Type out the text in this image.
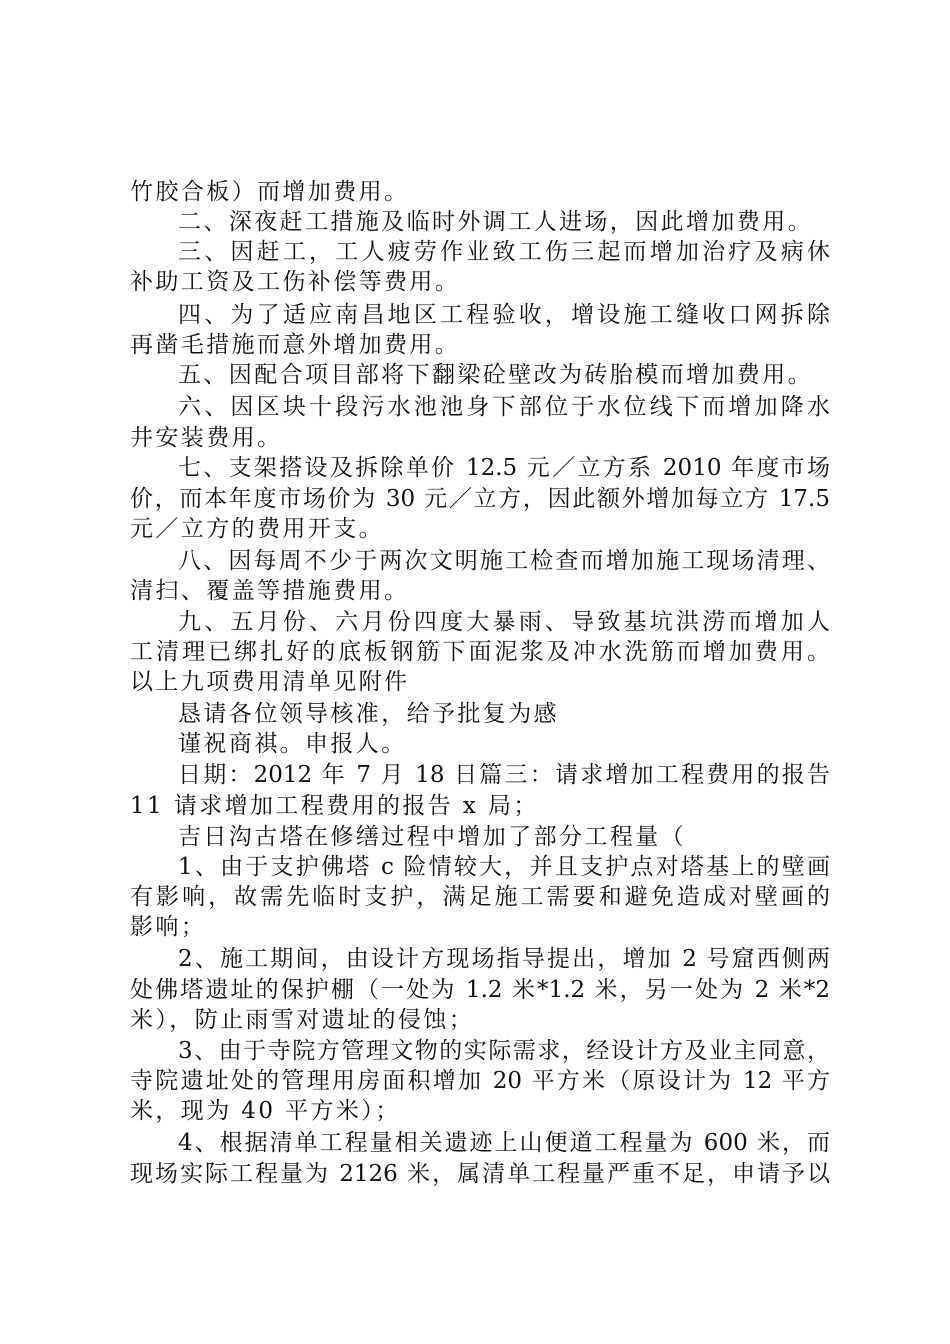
竹胶合板）而增加费用。
二、深夜赶工措施及临时外调工人进场，因此增加费用。
三、因赶工，工人疲劳作业致工伤三起而增加治疗及病休
补助工资及工伤补偿等费用。
四、为了适应南昌地区工程验收，增设施工缝收口网拆除
再凿毛措施而意外增加费用。
五、因配合项目部将下翻梁砼壁改为砖胎模而增加费用。
六、因区块十段污水池池身下部位于水位线下而增加降水
井安装费用。
七、支架搭设及拆除单价 12.5 元／立方系 2010 年度市场
价，而本年度市场价为 30 元／立方，因此额外增加每立方 17.5
元／立方的费用开支。
八、因每周不少于两次文明施工检查而增加施工现场清理、
清扫、覆盖等措施费用。
九、五月份、六月份四度大暴雨、导致基坑洪涝而增加人
工清理已绑扎好的底板钢筋下面泥浆及冲水洗筋而增加费用。
以上九项费用清单见附件
恳请各位领导核准，给予批复为感
谨祝商祺。申报人。
日期：2012 年 7 月 18 日篇三：请求增加工程费用的报告
11 请求增加工程费用的报告 x 局；
吉日沟古塔在修缮过程中增加了部分工程量（
1、由于支护佛塔 c 险情较大，并且支护点对塔基上的壁画
有影响，故需先临时支护，满足施工需要和避免造成对壁画的
影响；
2、施工期间，由设计方现场指导提出，增加 2 号窟西侧两
处佛塔遗址的保护棚（一处为 1.2 米*1.2 米，另一处为 2 米*2
米），防止雨雪对遗址的侵蚀；
3、由于寺院方管理文物的实际需求，经设计方及业主同意，
寺院遗址处的管理用房面积增加 20 平方米（原设计为 12 平方
米，现为 40 平方米）；
4、根据清单工程量相关遗迹上山便道工程量为 600 米，而
现场实际工程量为 2126 米，属清单工程量严重不足，申请予以
